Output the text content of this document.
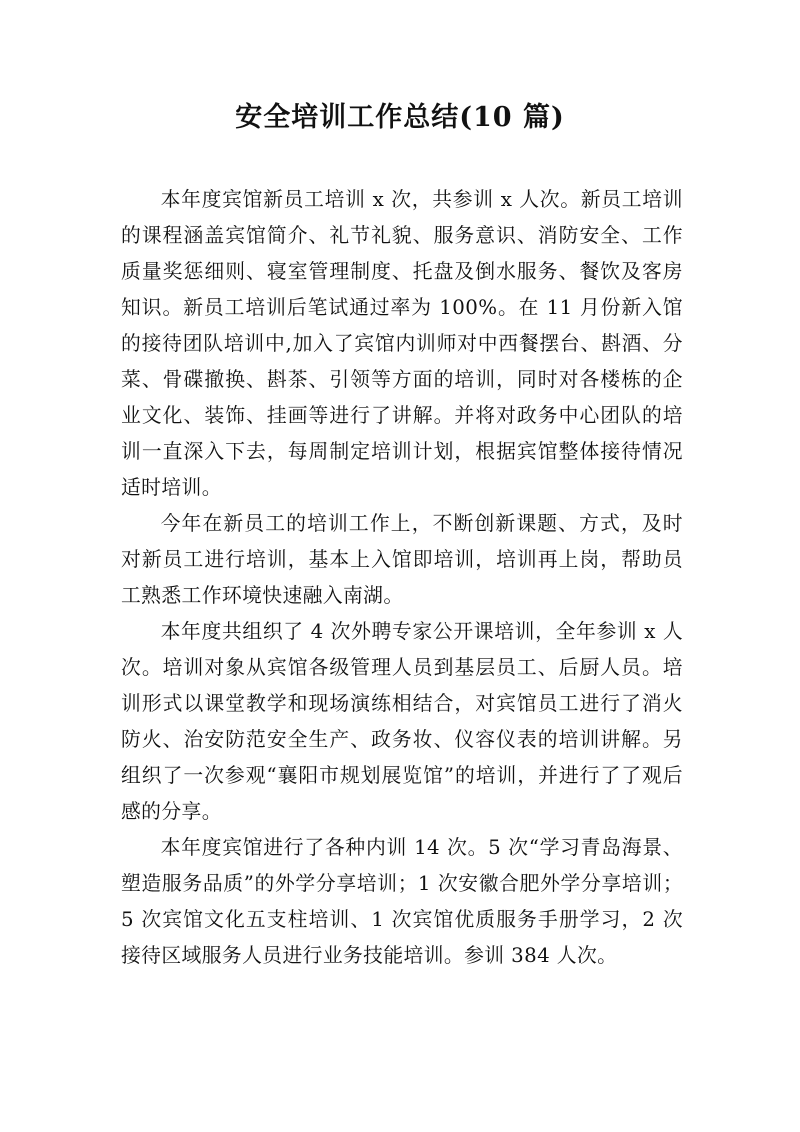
安全培训工作总结(10 篇)

本年度宾馆新员工培训 x 次，共参训 x 人次。新员工培训的课程涵盖宾馆简介、礼节礼貌、服务意识、消防安全、工作质量奖惩细则、寝室管理制度、托盘及倒水服务、餐饮及客房知识。新员工培训后笔试通过率为 100%。在 11 月份新入馆的接待团队培训中,加入了宾馆内训师对中西餐摆台、斟酒、分菜、骨碟撤换、斟茶、引领等方面的培训，同时对各楼栋的企业文化、装饰、挂画等进行了讲解。并将对政务中心团队的培训一直深入下去，每周制定培训计划，根据宾馆整体接待情况适时培训。

今年在新员工的培训工作上，不断创新课题、方式，及时对新员工进行培训，基本上入馆即培训，培训再上岗，帮助员工熟悉工作环境快速融入南湖。

本年度共组织了 4 次外聘专家公开课培训，全年参训 x 人次。培训对象从宾馆各级管理人员到基层员工、后厨人员。培训形式以课堂教学和现场演练相结合，对宾馆员工进行了消火防火、治安防范安全生产、政务妆、仪容仪表的培训讲解。另组织了一次参观“襄阳市规划展览馆”的培训，并进行了了观后感的分享。

本年度宾馆进行了各种内训 14 次。5 次“学习青岛海景、塑造服务品质”的外学分享培训；1 次安徽合肥外学分享培训；5 次宾馆文化五支柱培训、1 次宾馆优质服务手册学习，2 次接待区域服务人员进行业务技能培训。参训 384 人次。
